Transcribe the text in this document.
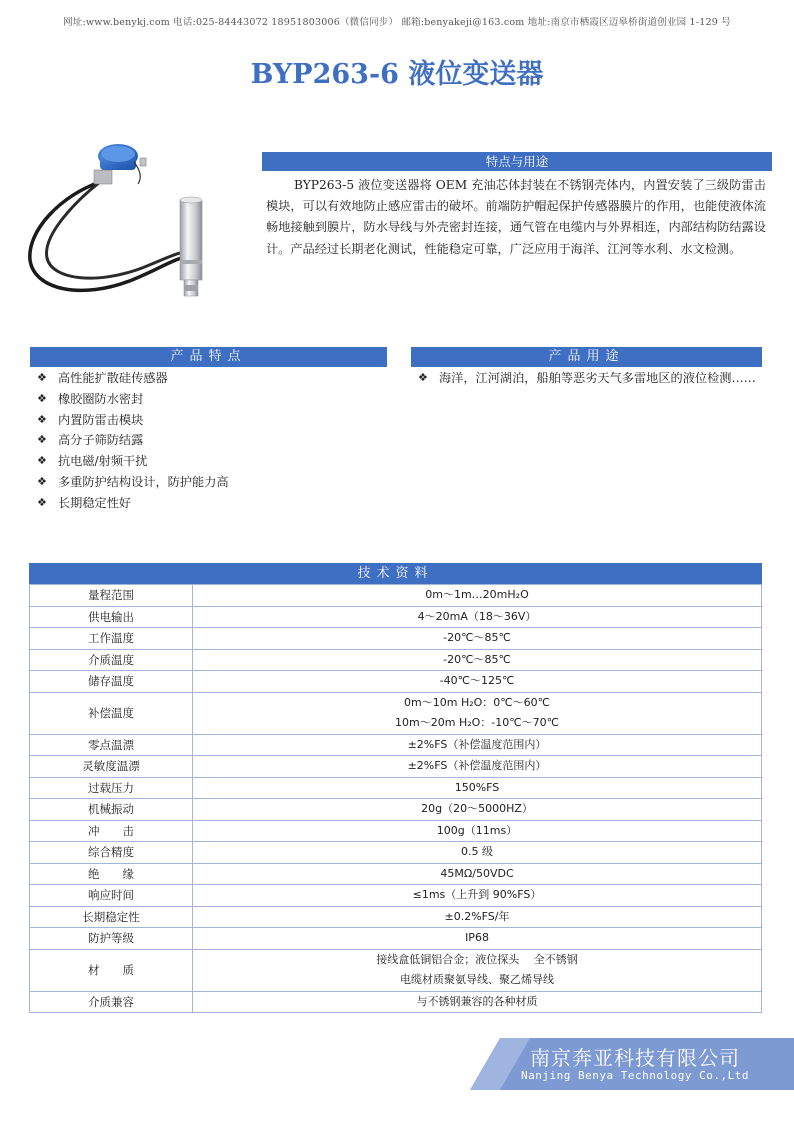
网址:www.benykj.com 电话:025-84443072 18951803006（微信同步） 邮箱:benyakeji@163.com 地址:南京市栖霞区迈皋桥街道创业园 1-129 号
BYP263-6 液位变送器
特点与用途

BYP263-5 液位变送器将 OEM 充油芯体封装在不锈钢壳体内，内置安装了三级防雷击模块，可以有效地防止感应雷击的破坏。前端防护帽起保护传感器膜片的作用，也能使液体流畅地接触到膜片，防水导线与外壳密封连接，通气管在电缆内与外界相连，内部结构防结露设计。产品经过长期老化测试，性能稳定可靠，广泛应用于海洋、江河等水利、水文检测。

产品特点
❖ 高性能扩散硅传感器
❖ 橡胶圈防水密封
❖ 内置防雷击模块
❖ 高分子筛防结露
❖ 抗电磁/射频干扰
❖ 多重防护结构设计，防护能力高
❖ 长期稳定性好
产品用途
❖ 海洋，江河湖泊，船舶等恶劣天气多雷地区的液位检测……
技术资料
量程范围	0m～1m…20mH₂O

供电输出	4～20mA（18～36V）

工作温度	-20℃～85℃

介质温度	-20℃～85℃

储存温度	-40℃～125℃

补偿温度	0m～10m H₂O：0℃～60℃
10m～20m H₂O：-10℃～70℃

零点温漂	±2%FS（补偿温度范围内）

灵敏度温漂	±2%FS（补偿温度范围内）

过载压力	150%FS

机械振动	20g（20～5000HZ）

冲　　击	100g（11ms）

综合精度	0.5 级

绝　　缘	45MΩ/50VDC

响应时间	≤1ms（上升到 90%FS）

长期稳定性	±0.2%FS/年

防护等级	IP68

材　　质	接线盒低铜铝合金；液位探头　 全不锈钢
电缆材质聚氨导线、聚乙烯导线

介质兼容	与不锈钢兼容的各种材质
南京奔亚科技有限公司
Nanjing Benya Technology Co.,Ltd
